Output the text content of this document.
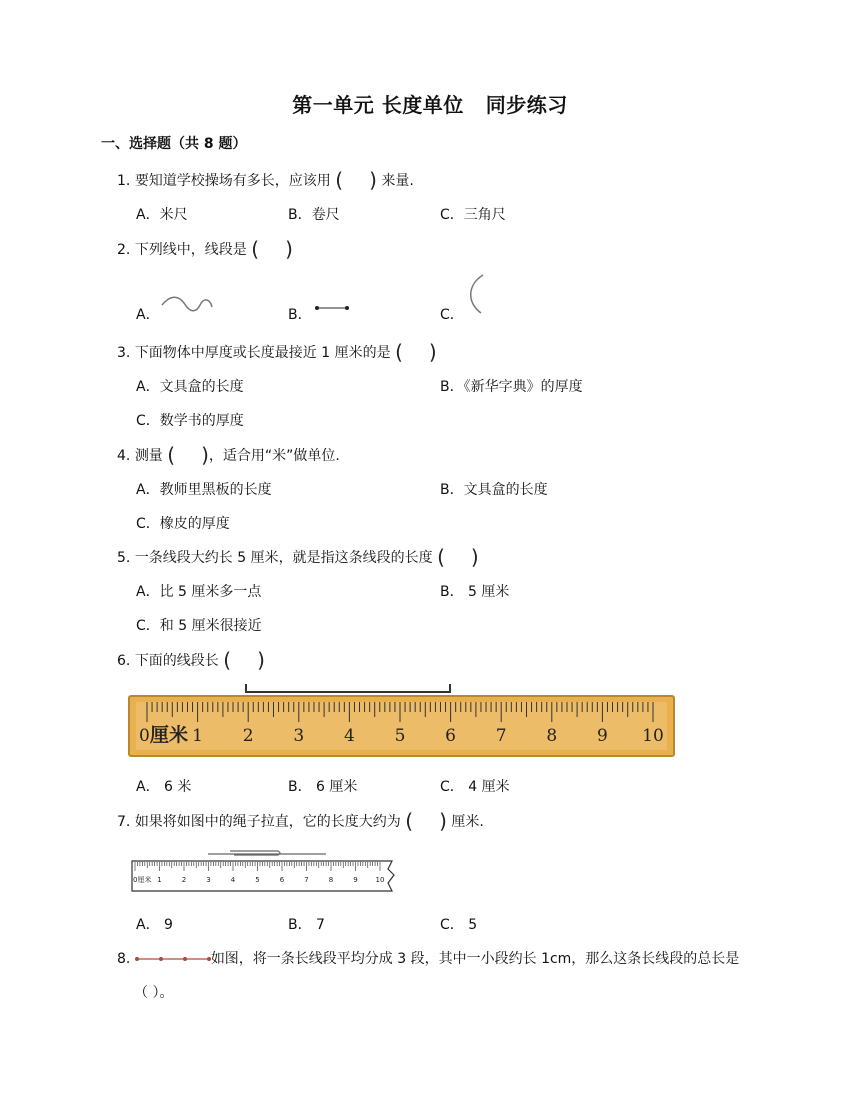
第一单元 长度单位 同步练习
一、选择题（共 8 题）
1. 要知道学校操场有多长，应该用 ( ) 来量.
A．米尺	B．卷尺	C．三角尺
2. 下列线中，线段是 ( )
A．	B．	C．
3. 下面物体中厚度或长度最接近 1 厘米的是 ( )
A．文具盒的长度	B．《新华字典》的厚度
C．数学书的厚度
4. 测量 ( )，适合用“米”做单位.
A．教师里黑板的长度	B．文具盒的长度
C．橡皮的厚度
5. 一条线段大约长 5 厘米，就是指这条线段的长度 ( )
A．比 5 厘米多一点	B． 5 厘米
C．和 5 厘米很接近
6. 下面的线段长 ( )
0 1 2 3 4 5 6 7 8 9 10
厘米
A． 6 米	B． 6 厘米	C． 4 厘米
7. 如果将如图中的绳子拉直，它的长度大约为 ( ) 厘米.
1	2	3	4	5	6	7	8	9	10
0厘米
A． 9	B． 7	C． 5
8.	如图，将一条长线段平均分成 3 段，其中一小段约长 1cm，那么这条长线段的总长是
（ ）。
